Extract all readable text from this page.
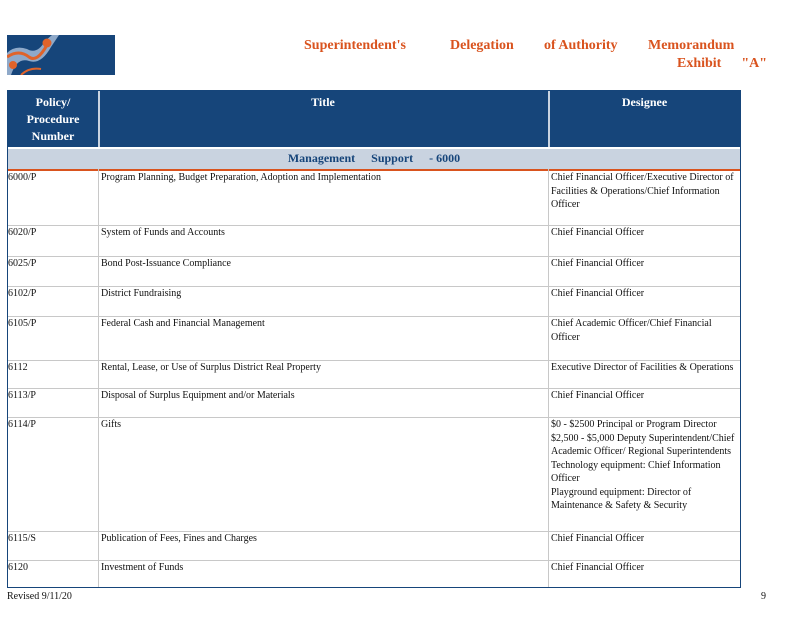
Superintendent's	Delegation	of Authority	Memorandum
Exhibit "A"
Policy/ Procedure Number
Title	Designee
Management Support - 6000
6000/P	Program Planning, Budget Preparation, Adoption and Implementation	Chief Financial Officer/Executive Director of Facilities & Operations/Chief Information Officer
6020/P	System of Funds and Accounts	Chief Financial Officer
6025/P	Bond Post-Issuance Compliance	Chief Financial Officer
6102/P	District Fundraising	Chief Financial Officer
6105/P	Federal Cash and Financial Management	Chief Academic Officer/Chief Financial Officer
6112	Rental, Lease, or Use of Surplus District Real Property	Executive Director of Facilities & Operations
6113/P	Disposal of Surplus Equipment and/or Materials	Chief Financial Officer
6114/P	Gifts	$0 - $2500 Principal or Program Director
$2,500 - $5,000 Deputy Superintendent/Chief Academic Officer/ Regional Superintendents
Technology equipment: Chief Information Officer
Playground equipment: Director of Maintenance & Safety & Security
6115/S	Publication of Fees, Fines and Charges	Chief Financial Officer
6120	Investment of Funds	Chief Financial Officer
Revised 9/11/20	9
